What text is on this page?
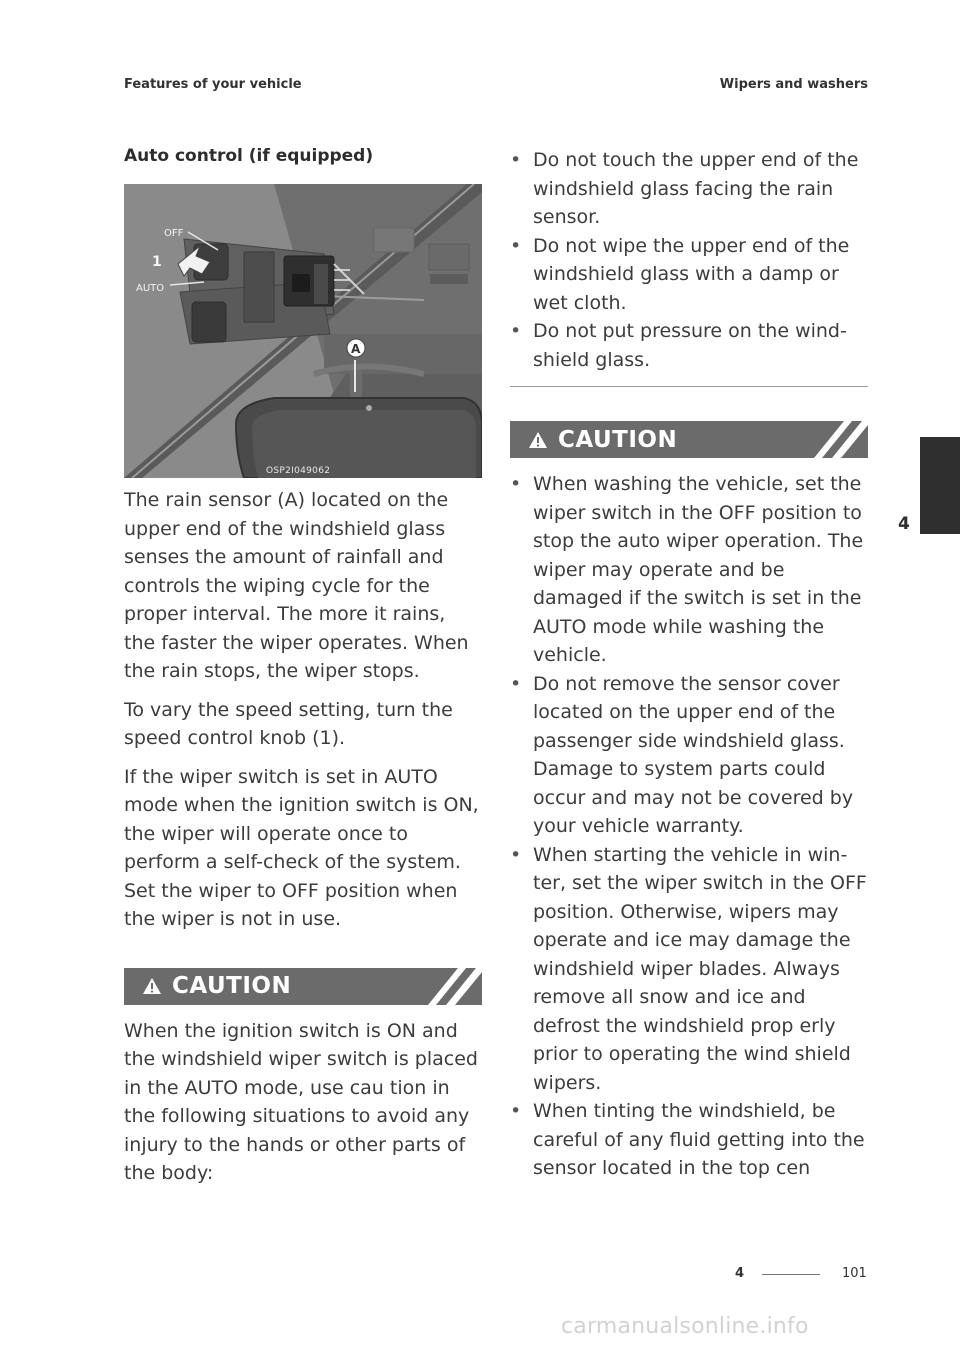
Features of your vehicle	Wipers and washers
Auto control (if equipped)
OFF
1
AUTO
A
OSP2I049062

The rain sensor (A) located on the upper end of the windshield glass senses the amount of rainfall and controls the wiping cycle for the proper interval. The more it rains, the faster the wiper operates. When the rain stops, the wiper stops.

To vary the speed setting, turn the speed control knob (1).

If the wiper switch is set in AUTO mode when the ignition switch is ON, the wiper will operate once to perform a self-check of the system. Set the wiper to OFF position when the wiper is not in use.

CAUTION

When the ignition switch is ON and the windshield wiper switch is placed in the AUTO mode, use cau tion in the following situations to avoid any injury to the hands or other parts of the body:

• Do not touch the upper end of the windshield glass facing the rain sensor.
• Do not wipe the upper end of the windshield glass with a damp or wet cloth.
• Do not put pressure on the wind shield glass.
CAUTION
• When washing the vehicle, set the wiper switch in the OFF position to stop the auto wiper operation. The wiper may operate and be damaged if the switch is set in the AUTO mode while washing the vehicle.
• Do not remove the sensor cover located on the upper end of the passenger side windshield glass. Damage to system parts could occur and may not be covered by your vehicle warranty.
• When starting the vehicle in win ter, set the wiper switch in the OFF position. Otherwise, wipers may operate and ice may damage the windshield wiper blades. Always remove all snow and ice and defrost the windshield prop erly prior to operating the wind shield wipers.
• When tinting the windshield, be careful of any fluid getting into the sensor located in the top cen
4
4	101
carmanualsonline.info
